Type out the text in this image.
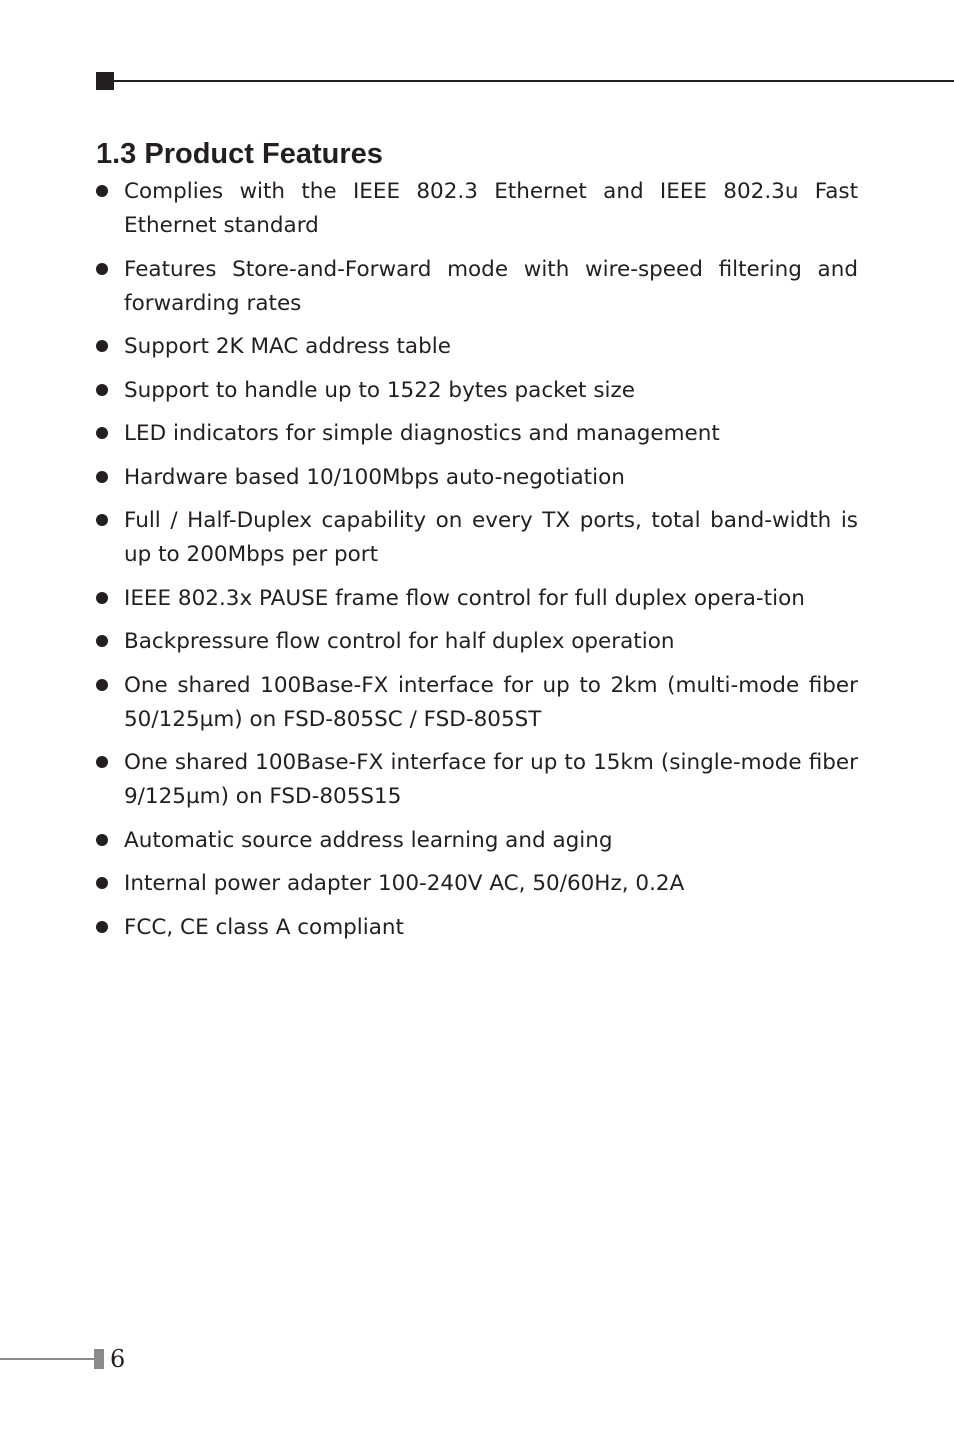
1.3 Product Features
Complies with the IEEE 802.3 Ethernet and IEEE 802.3u Fast Ethernet standard
Features Store-and-Forward mode with wire-speed filtering and forwarding rates
Support 2K MAC address table
Support to handle up to 1522 bytes packet size
LED indicators for simple diagnostics and management
Hardware based 10/100Mbps auto-negotiation
Full / Half-Duplex capability on every TX ports, total band-width is up to 200Mbps per port
IEEE 802.3x PAUSE frame flow control for full duplex opera-tion
Backpressure flow control for half duplex operation
One shared 100Base-FX interface for up to 2km (multi-mode fiber 50/125µm) on FSD-805SC / FSD-805ST
One shared 100Base-FX interface for up to 15km (single-mode fiber 9/125µm) on FSD-805S15
Automatic source address learning and aging
Internal power adapter 100-240V AC, 50/60Hz, 0.2A
FCC, CE class A compliant
6
